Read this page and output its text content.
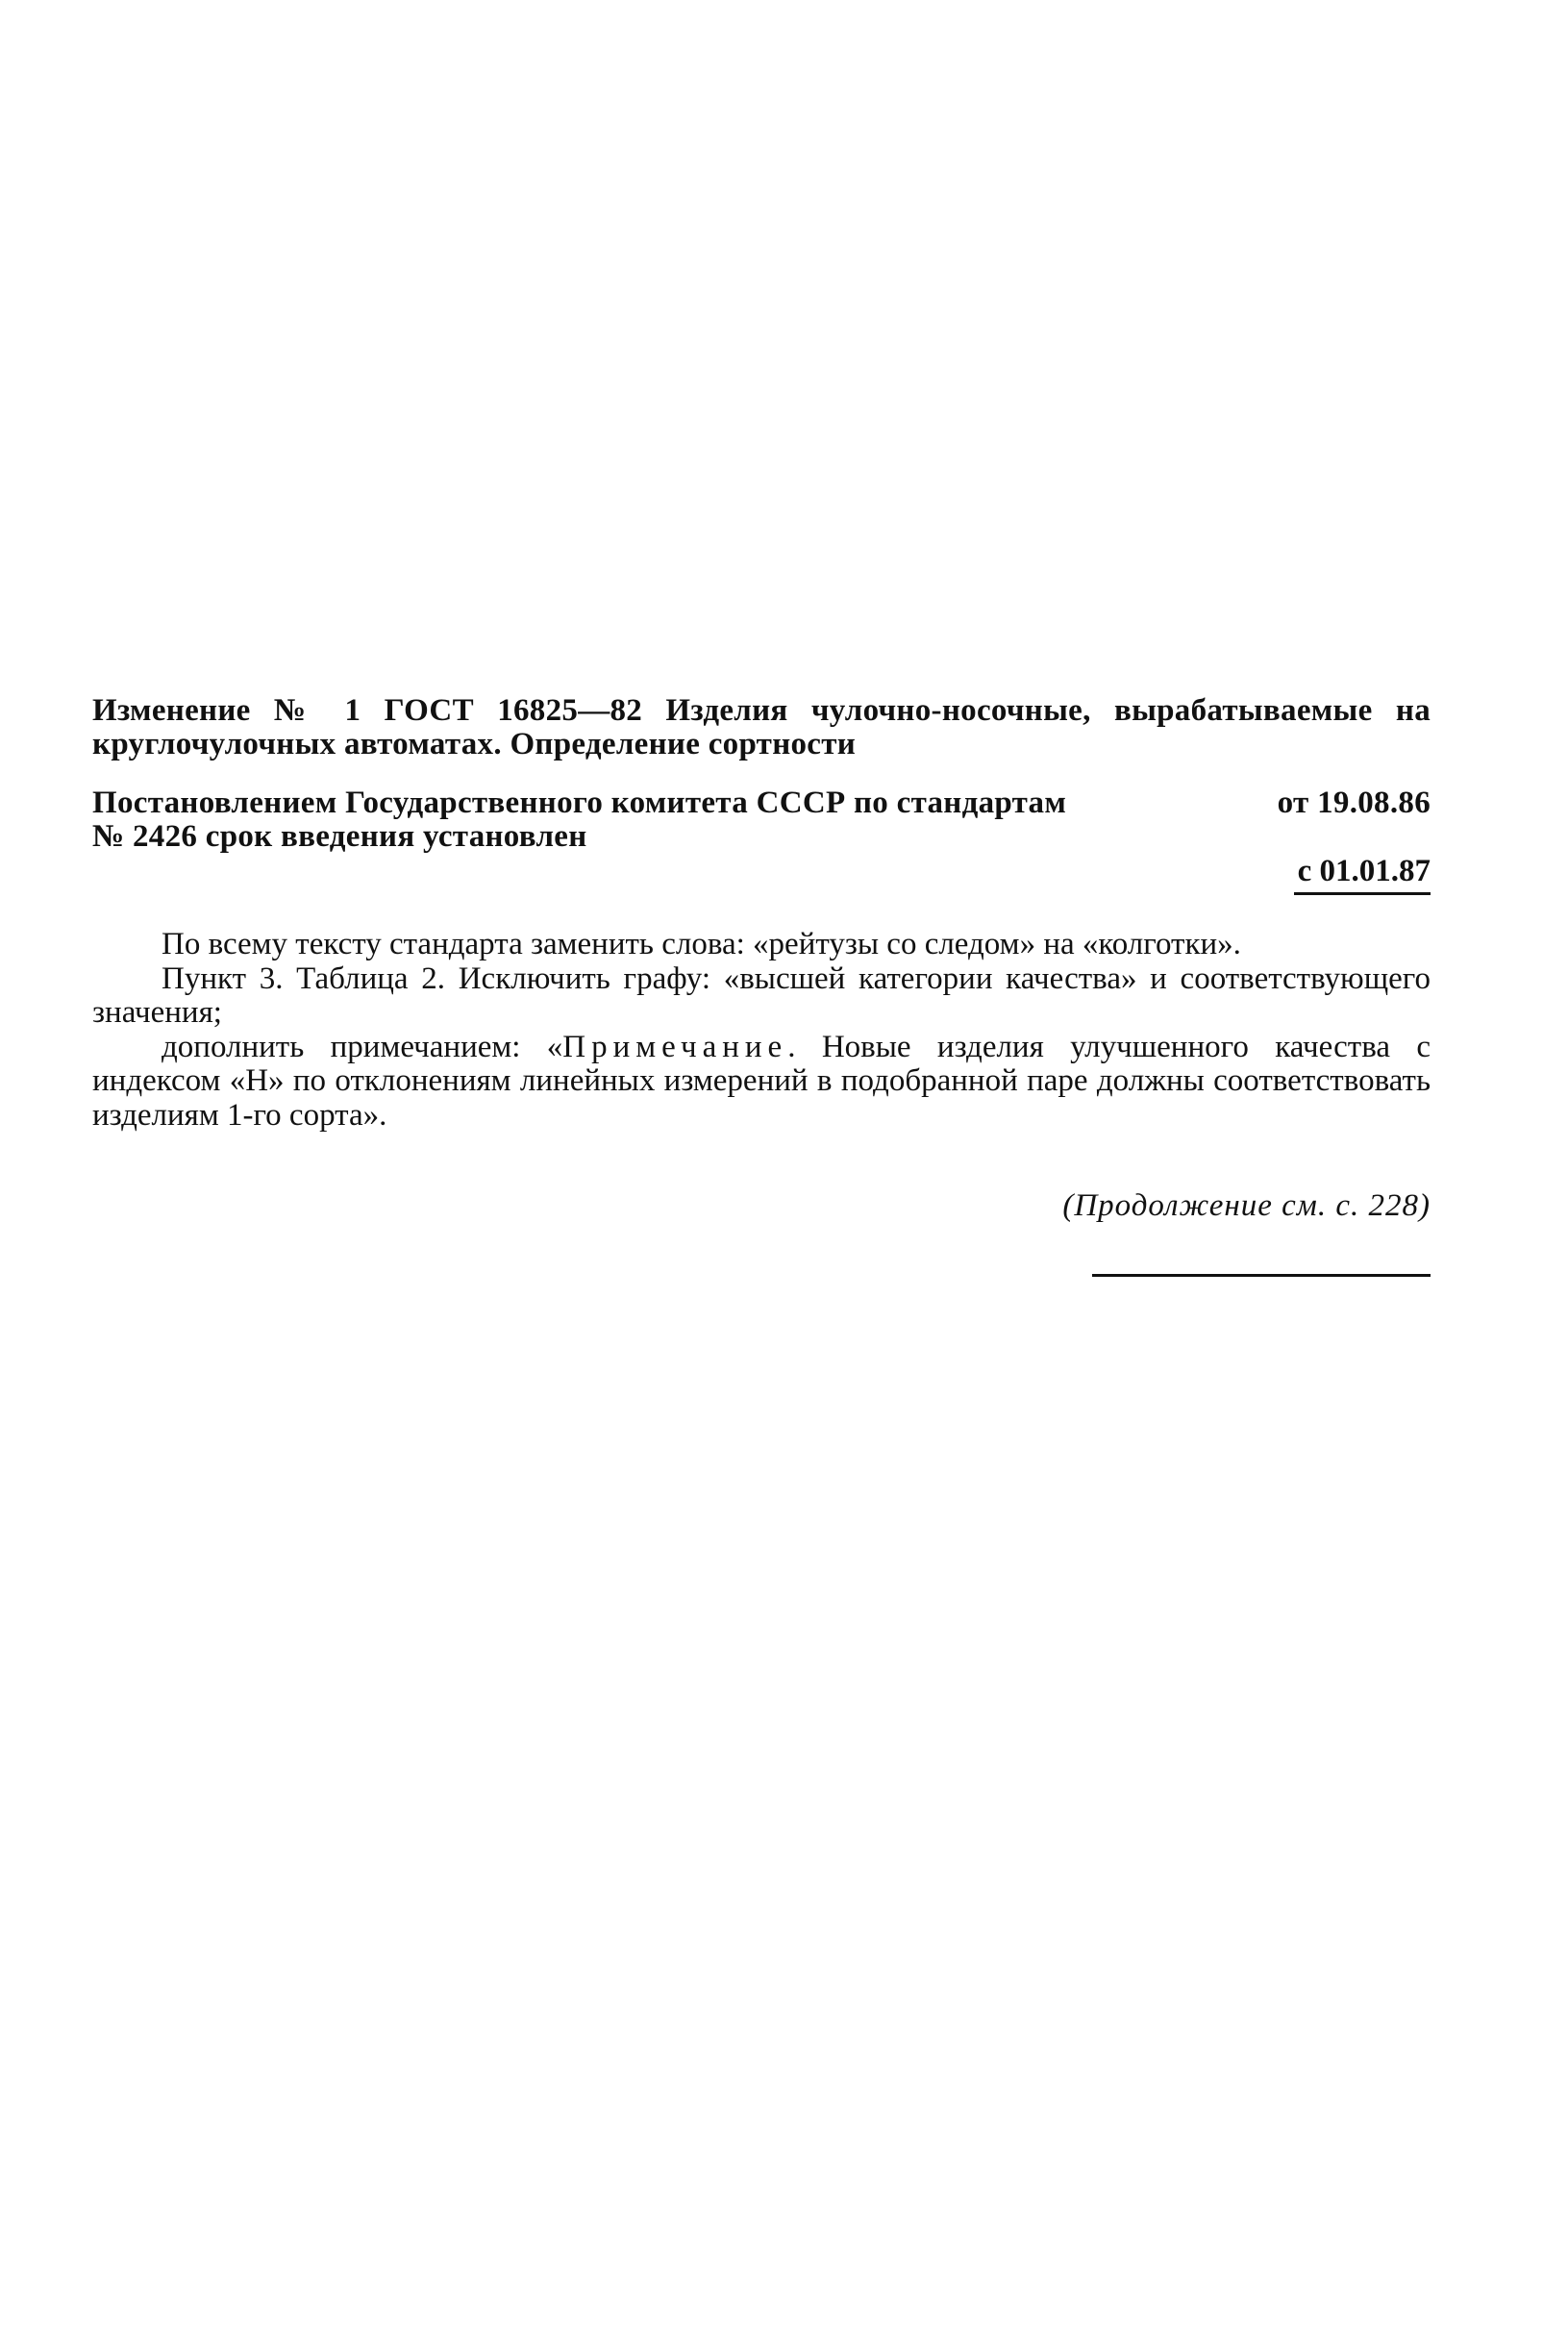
Изменение № 1 ГОСТ 16825—82 Изделия чулочно-носочные, вырабатываемые на круглочулочных автоматах. Определение сортности
Постановлением Государственного комитета СССР по стандартам	от 19.08.86
№ 2426 срок введения установлен
с 01.01.87

По всему тексту стандарта заменить слова: «рейтузы со следом» на «колготки».

Пункт 3. Таблица 2. Исключить графу: «высшей категории качества» и соответствующего значения;

дополнить примечанием: «Примечание. Новые изделия улучшенного качества с индексом «Н» по отклонениям линейных измерений в подобранной паре должны соответствовать изделиям 1-го сорта».

(Продолжение см. с. 228)
